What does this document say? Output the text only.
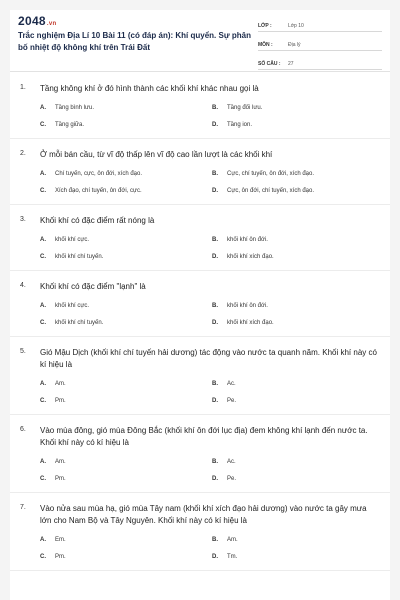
2048.vn
Trắc nghiệm Địa Lí 10 Bài 11 (có đáp án): Khí quyển. Sự phân bố nhiệt độ không khí trên Trái Đất
LỚP :	Lớp 10
MÔN :	Địa lý
SỐ CÂU :	27
1.	Tầng không khí ở đó hình thành các khối khí khác nhau gọi là
A.	Tầng bình lưu.	B.	Tầng đối lưu.
C.	Tầng giữa.	D.	Tầng ion.
2.	Ở mỗi bán cầu, từ vĩ độ thấp lên vĩ độ cao lần lượt là các khối khí
A.	Chí tuyến, cực, ôn đới, xích đạo.	B.	Cực, chí tuyến, ôn đới, xích đạo.
C.	Xích đạo, chí tuyến, ôn đới, cực.	D.	Cực, ôn đới, chí tuyến, xích đạo.
3.	Khối khí có đặc điểm rất nóng là
A.	khối khí cực.	B.	khối khí ôn đới.
C.	khối khí chí tuyến.	D.	khối khí xích đạo.
4.	Khối khí có đặc điểm "lạnh" là
A.	khối khí cực.	B.	khối khí ôn đới.
C.	khối khí chí tuyến.	D.	khối khí xích đạo.
5.	Gió Mậu Dịch (khối khí chí tuyến hải dương) tác động vào nước ta quanh năm. Khối khí này có kí hiệu là
A.	Am.	B.	Ac.
C.	Pm.	D.	Pe.
6.	Vào mùa đông, gió mùa Đông Bắc (khối khí ôn đới lục địa) đem không khí lạnh đến nước ta. Khối khí này có kí hiệu là
A.	Am.	B.	Ac.
C.	Pm.	D.	Pe.
7.	Vào nửa sau mùa hạ, gió mùa Tây nam (khối khí xích đạo hải dương) vào nước ta gây mưa lớn cho Nam Bộ và Tây Nguyên. Khối khí này có kí hiệu là
A.	Em.	B.	Am.
C.	Pm.	D.	Tm.
